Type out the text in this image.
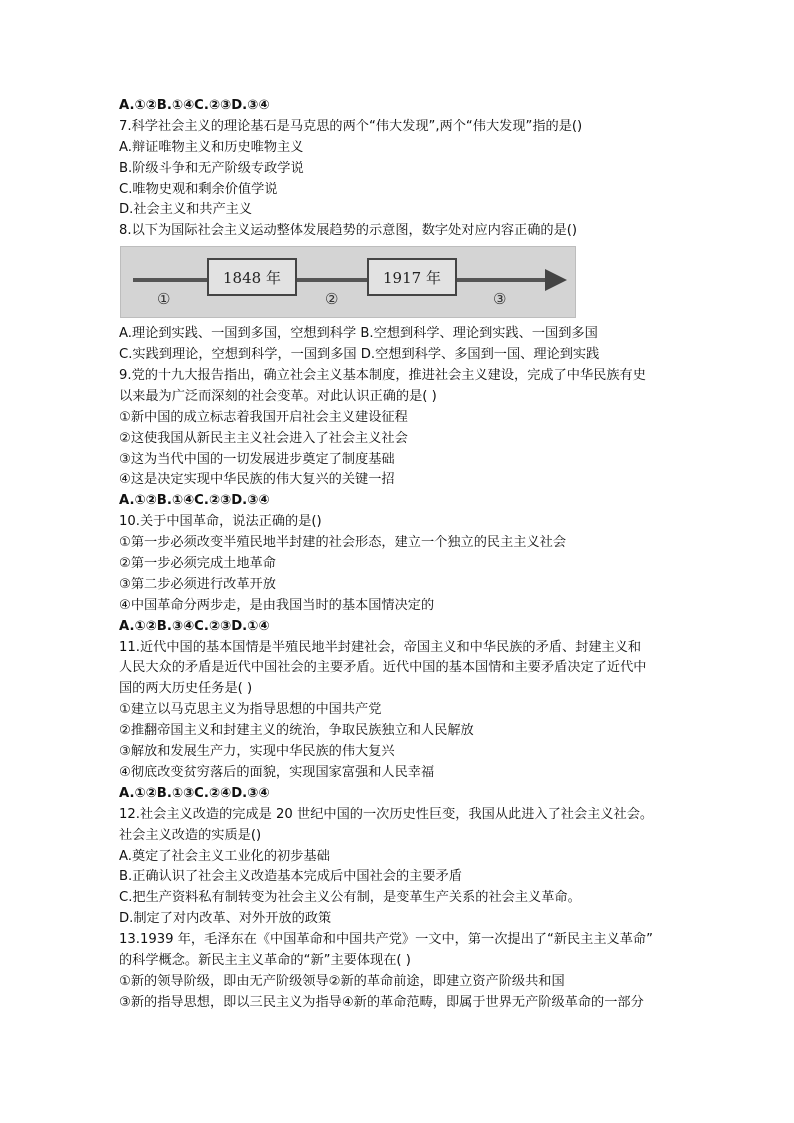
A.①②B.①④C.②③D.③④
7.科学社会主义的理论基石是马克思的两个“伟大发现”,两个“伟大发现”指的是()
A.辩证唯物主义和历史唯物主义
B.阶级斗争和无产阶级专政学说
C.唯物史观和剩余价值学说
D.社会主义和共产主义
8.以下为国际社会主义运动整体发展趋势的示意图，数字处对应内容正确的是()
1848 年	1917 年
①	②	③
A.理论到实践、一国到多国，空想到科学 B.空想到科学、理论到实践、一国到多国
C.实践到理论，空想到科学，一国到多国 D.空想到科学、多国到一国、理论到实践
9.党的十九大报告指出，确立社会主义基本制度，推进社会主义建设，完成了中华民族有史
以来最为广泛而深刻的社会变革。对此认识正确的是( )
①新中国的成立标志着我国开启社会主义建设征程
②这使我国从新民主主义社会进入了社会主义社会
③这为当代中国的一切发展进步奠定了制度基础
④这是决定实现中华民族的伟大复兴的关键一招
A.①②B.①④C.②③D.③④
10.关于中国革命，说法正确的是()
①第一步必须改变半殖民地半封建的社会形态，建立一个独立的民主主义社会
②第一步必须完成土地革命
③第二步必须进行改革开放
④中国革命分两步走，是由我国当时的基本国情决定的
A.①②B.③④C.②③D.①④
11.近代中国的基本国情是半殖民地半封建社会，帝国主义和中华民族的矛盾、封建主义和
人民大众的矛盾是近代中国社会的主要矛盾。近代中国的基本国情和主要矛盾决定了近代中
国的两大历史任务是( )
①建立以马克思主义为指导思想的中国共产党
②推翻帝国主义和封建主义的统治，争取民族独立和人民解放
③解放和发展生产力，实现中华民族的伟大复兴
④彻底改变贫穷落后的面貌，实现国家富强和人民幸福
A.①②B.①③C.②④D.③④
12.社会主义改造的完成是 20 世纪中国的一次历史性巨变，我国从此进入了社会主义社会。
社会主义改造的实质是()
A.奠定了社会主义工业化的初步基础
B.正确认识了社会主义改造基本完成后中国社会的主要矛盾
C.把生产资料私有制转变为社会主义公有制，是变革生产关系的社会主义革命。
D.制定了对内改革、对外开放的政策
13.1939 年，毛泽东在《中国革命和中国共产党》一文中，第一次提出了“新民主主义革命”
的科学概念。新民主主义革命的“新”主要体现在( )
①新的领导阶级，即由无产阶级领导②新的革命前途，即建立资产阶级共和国
③新的指导思想，即以三民主义为指导④新的革命范畴，即属于世界无产阶级革命的一部分
